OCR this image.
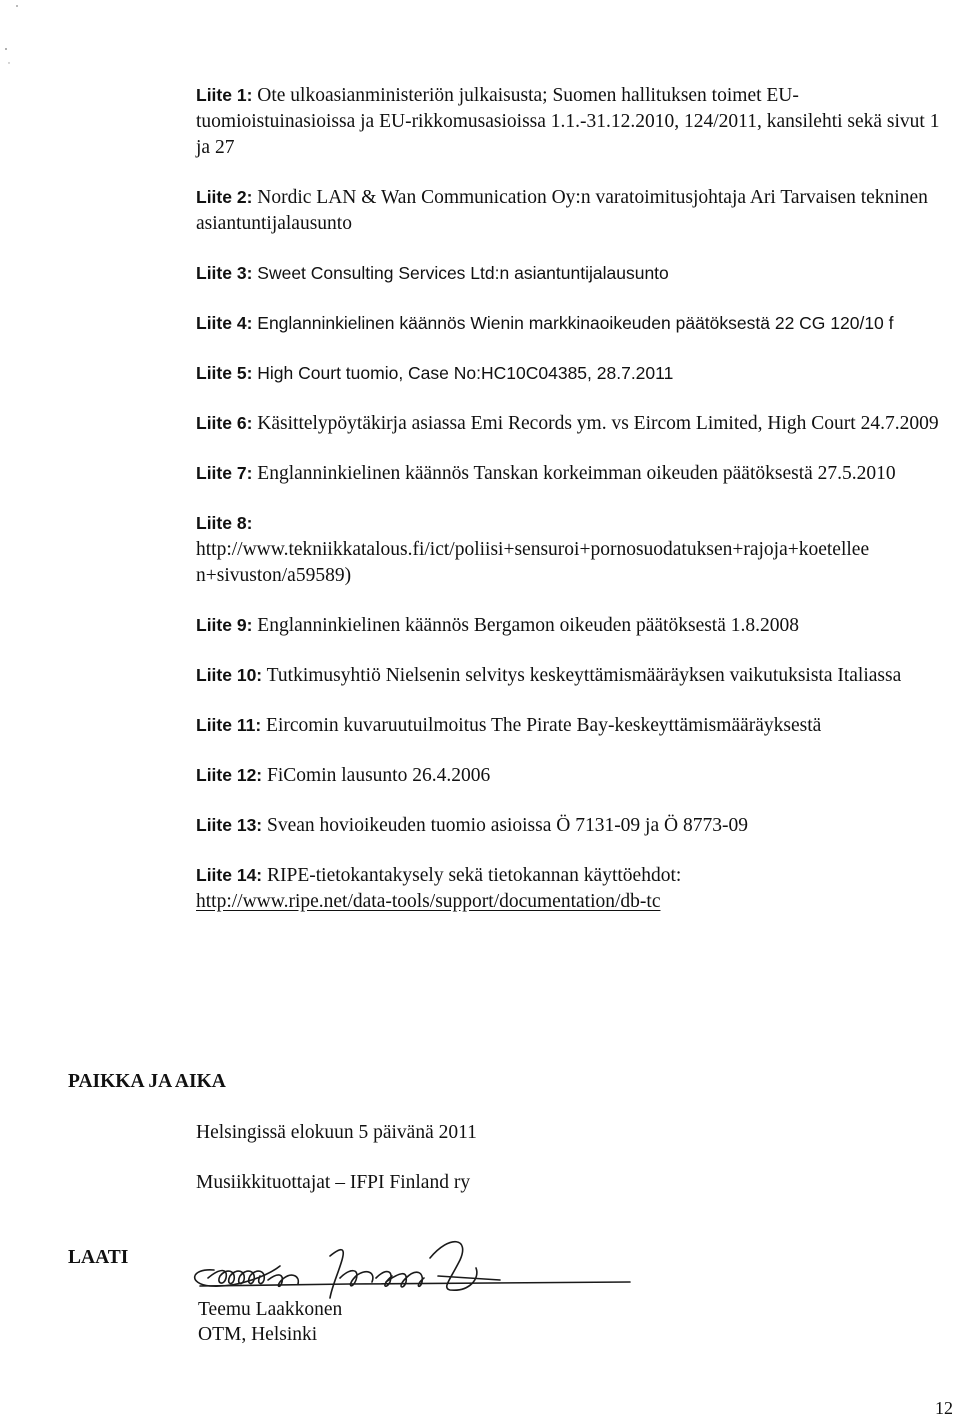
Liite 1: Ote ulkoasianministeriön julkaisusta; Suomen hallituksen toimet EU-tuomioistuinasioissa ja EU-rikkomusasioissa 1.1.-31.12.2010, 124/2011, kansilehti sekä sivut 1 ja 27
Liite 2: Nordic LAN & Wan Communication Oy:n varatoimitusjohtaja Ari Tarvaisen tekninen asiantuntijalausunto
Liite 3: Sweet Consulting Services Ltd:n asiantuntijalausunto
Liite 4: Englanninkielinen käännös Wienin markkinaoikeuden päätöksestä 22 CG 120/10 f
Liite 5: High Court tuomio, Case No:HC10C04385, 28.7.2011
Liite 6: Käsittelypöytäkirja asiassa Emi Records ym. vs Eircom Limited, High Court 24.7.2009
Liite 7: Englanninkielinen käännös Tanskan korkeimman oikeuden päätöksestä 27.5.2010
Liite 8:
http://www.tekniikkatalous.fi/ict/poliisi+sensuroi+pornosuodatuksen+rajoja+koetellee n+sivuston/a59589)
Liite 9: Englanninkielinen käännös Bergamon oikeuden päätöksestä 1.8.2008
Liite 10: Tutkimusyhtiö Nielsenin selvitys keskeyttämismääräyksen vaikutuksista Italiassa
Liite 11: Eircomin kuvaruutuilmoitus The Pirate Bay-keskeyttämismääräyksestä
Liite 12: FiComin lausunto 26.4.2006
Liite 13: Svean hovioikeuden tuomio asioissa Ö 7131-09 ja Ö 8773-09
Liite 14: RIPE-tietokantakysely sekä tietokannan käyttöehdot:
http://www.ripe.net/data-tools/support/documentation/db-tc
PAIKKA JA AIKA

Helsingissä elokuun 5 päivänä 2011

Musiikkituottajat – IFPI Finland ry

LAATI

Teemu Laakkonen

OTM, Helsinki

12
